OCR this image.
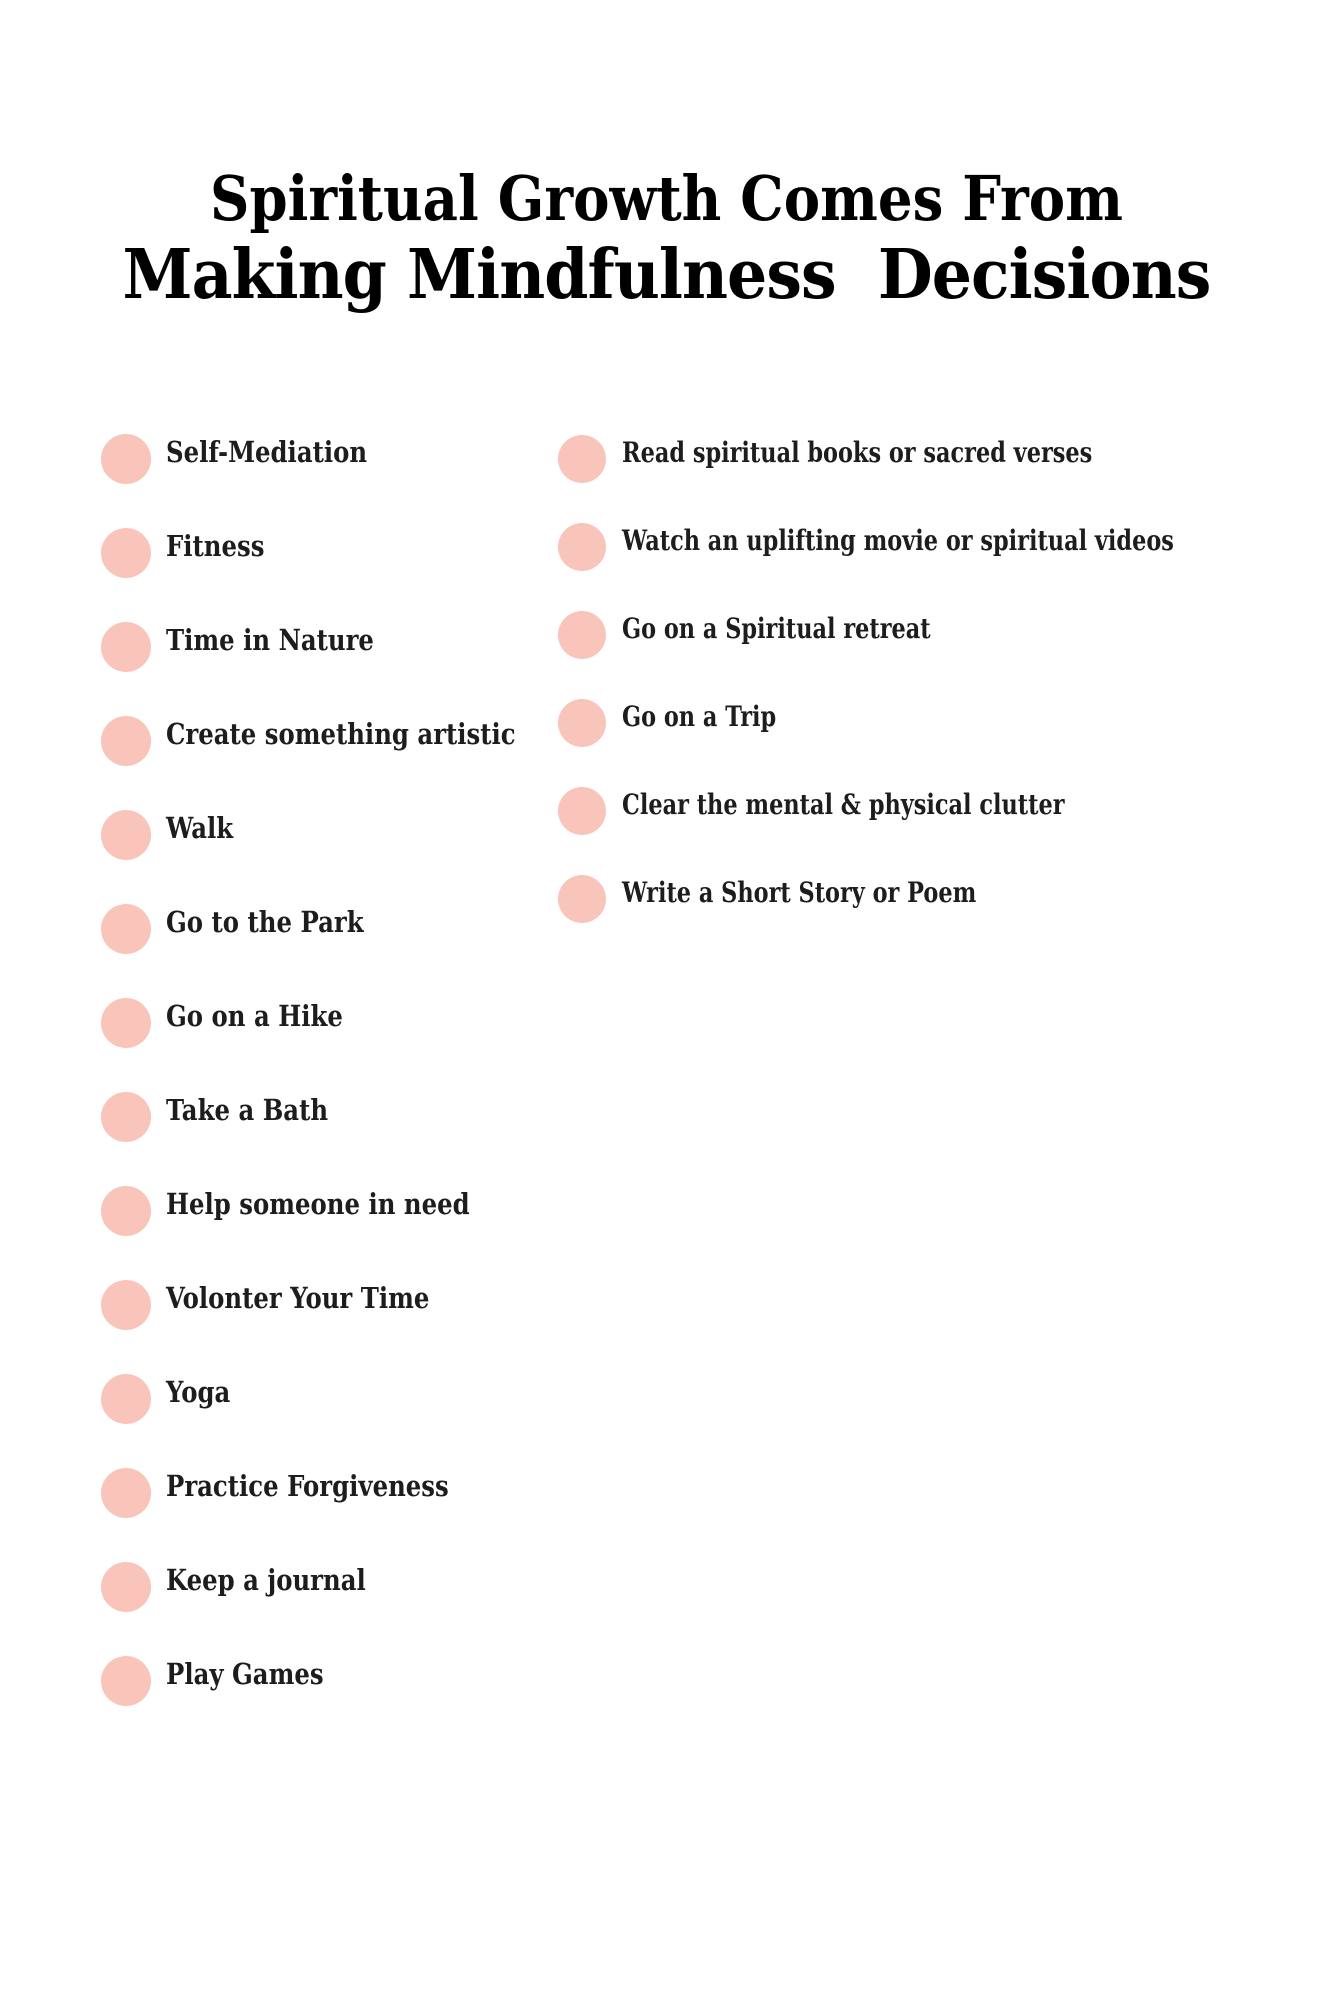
Spiritual Growth Comes From
Making Mindfulness  Decisions
Self-Mediation
Fitness
Time in Nature
Create something artistic
Walk
Go to the Park
Go on a Hike
Take a Bath
Help someone in need
Volonter Your Time
Yoga
Practice Forgiveness
Keep a journal
Play Games
Read spiritual books or sacred verses
Watch an uplifting movie or spiritual videos
Go on a Spiritual retreat
Go on a Trip
Clear the mental & physical clutter
Write a Short Story or Poem
